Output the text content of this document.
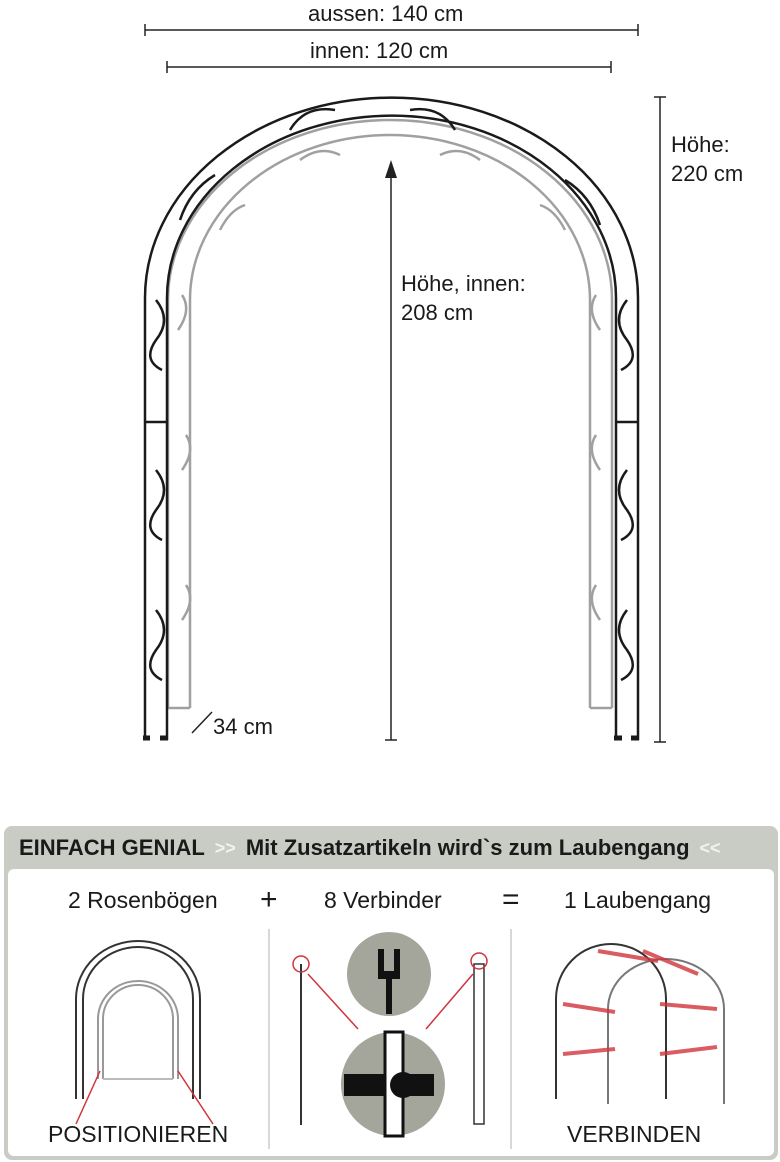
aussen: 140 cm
innen: 120 cm
Höhe:
220 cm
Höhe, innen:
208 cm
34 cm
EINFACH GENIAL >> Mit Zusatzartikeln wird`s zum Laubengang <<
2 Rosenbögen + 8 Verbinder = 1 Laubengang
POSITIONIEREN	VERBINDEN
